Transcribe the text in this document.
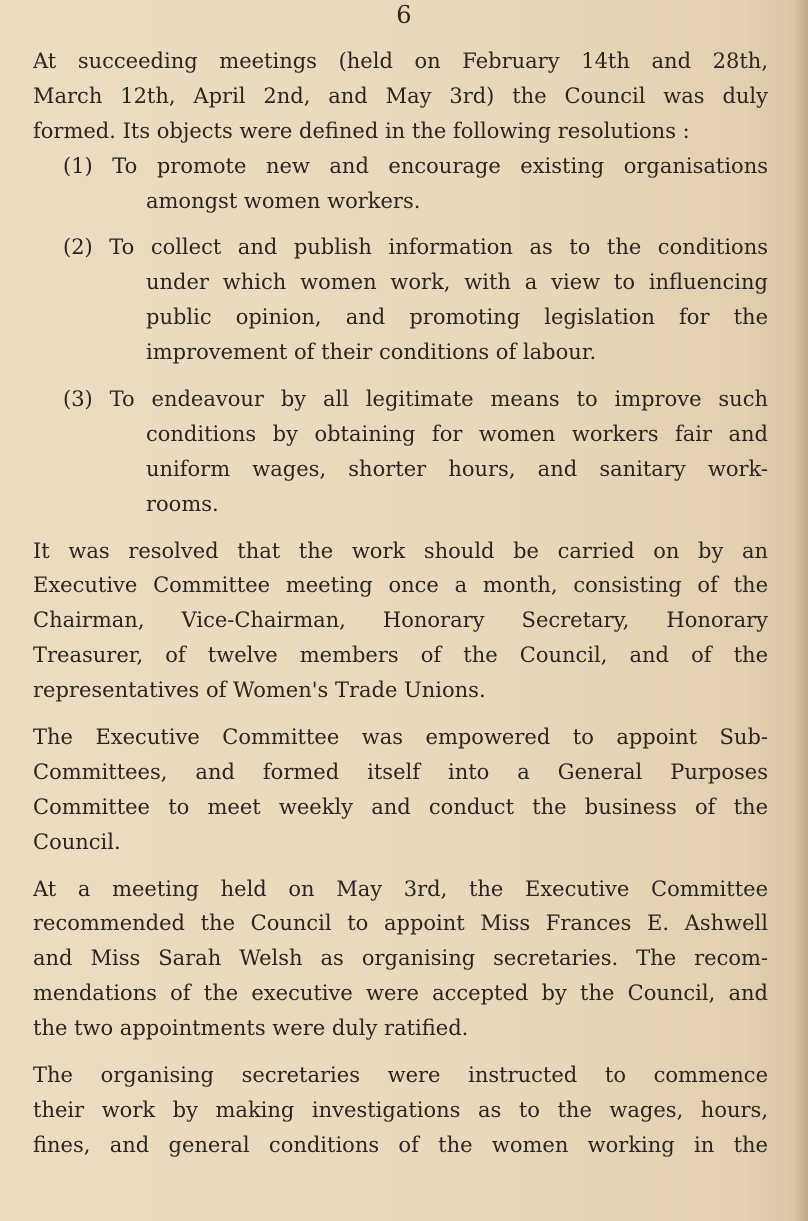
6
At succeeding meetings (held on February 14th and 28th,
March 12th, April 2nd, and May 3rd) the Council was duly
formed. Its objects were defined in the following resolutions :
(1) To promote new and encourage existing organisations
amongst women workers.
(2) To collect and publish information as to the conditions
under which women work, with a view to influencing
public opinion, and promoting legislation for the
improvement of their conditions of labour.
(3) To endeavour by all legitimate means to improve such
conditions by obtaining for women workers fair and
uniform wages, shorter hours, and sanitary work-
rooms.
It was resolved that the work should be carried on by an
Executive Committee meeting once a month, consisting of the
Chairman, Vice-Chairman, Honorary Secretary, Honorary
Treasurer, of twelve members of the Council, and of the
representatives of Women's Trade Unions.
The Executive Committee was empowered to appoint Sub-
Committees, and formed itself into a General Purposes
Committee to meet weekly and conduct the business of the
Council.
At a meeting held on May 3rd, the Executive Committee
recommended the Council to appoint Miss Frances E. Ashwell
and Miss Sarah Welsh as organising secretaries. The recom-
mendations of the executive were accepted by the Council, and
the two appointments were duly ratified.
The organising secretaries were instructed to commence
their work by making investigations as to the wages, hours,
fines, and general conditions of the women working in the
